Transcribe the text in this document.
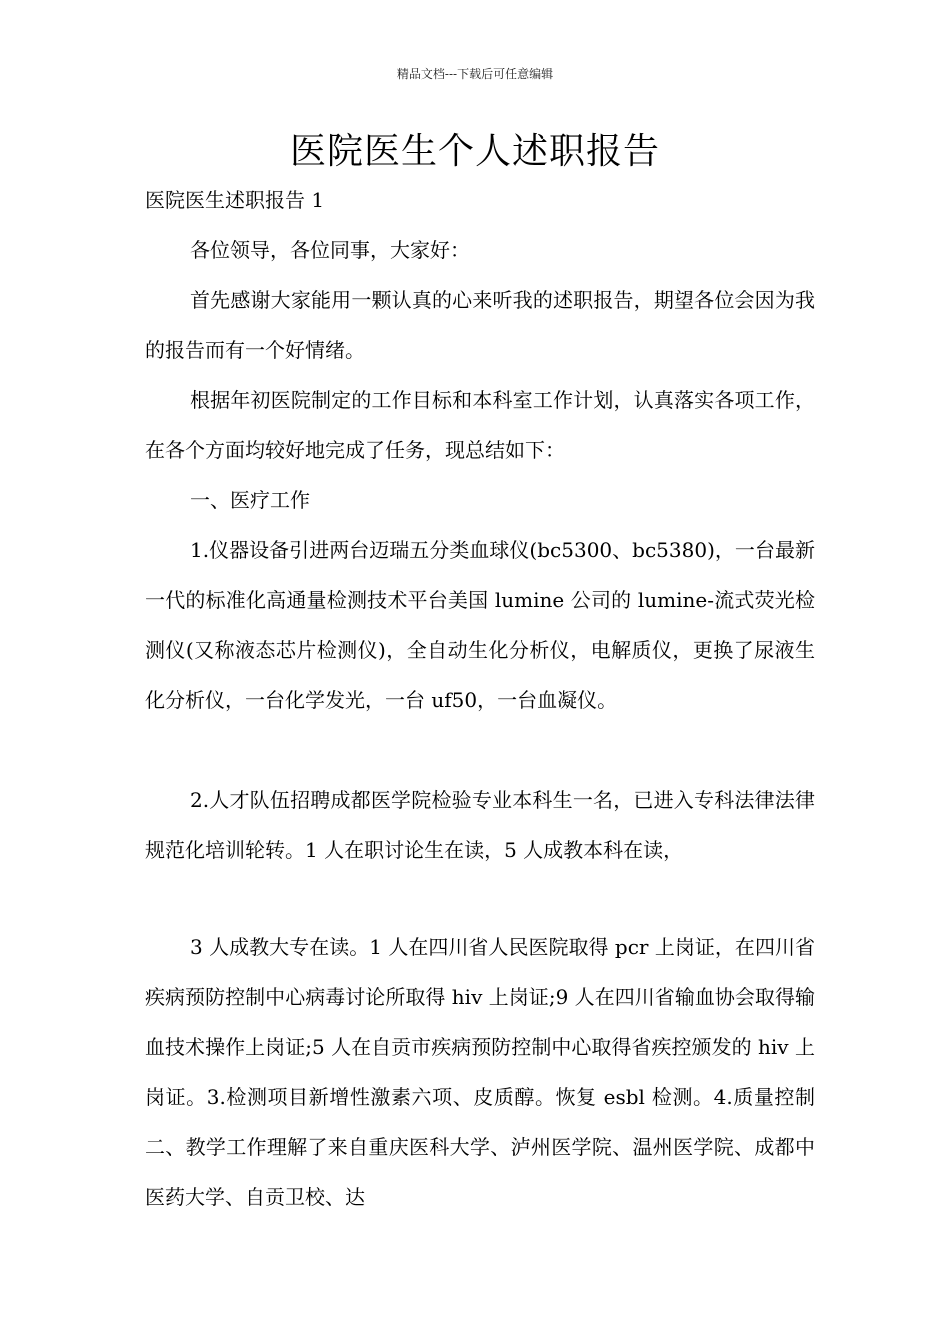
精品文档---下载后可任意编辑
医院医生个人述职报告

医院医生述职报告 1

各位领导，各位同事，大家好：

首先感谢大家能用一颗认真的心来听我的述职报告，期望各位会因为我的报告而有一个好情绪。

根据年初医院制定的工作目标和本科室工作计划，认真落实各项工作，在各个方面均较好地完成了任务，现总结如下：

一、医疗工作

1.仪器设备引进两台迈瑞五分类血球仪(bc5300、bc5380)，一台最新一代的标准化高通量检测技术平台美国 lumine 公司的 lumine-流式荧光检测仪(又称液态芯片检测仪)，全自动生化分析仪，电解质仪，更换了尿液生化分析仪，一台化学发光，一台 uf50，一台血凝仪。

2.人才队伍招聘成都医学院检验专业本科生一名，已进入专科法律法律规范化培训轮转。1 人在职讨论生在读，5 人成教本科在读，

3 人成教大专在读。1 人在四川省人民医院取得 pcr 上岗证，在四川省疾病预防控制中心病毒讨论所取得 hiv 上岗证;9 人在四川省输血协会取得输血技术操作上岗证;5 人在自贡市疾病预防控制中心取得省疾控颁发的 hiv 上岗证。3.检测项目新增性激素六项、皮质醇。恢复 esbl 检测。4.质量控制二、教学工作理解了来自重庆医科大学、泸州医学院、温州医学院、成都中医药大学、自贡卫校、达
